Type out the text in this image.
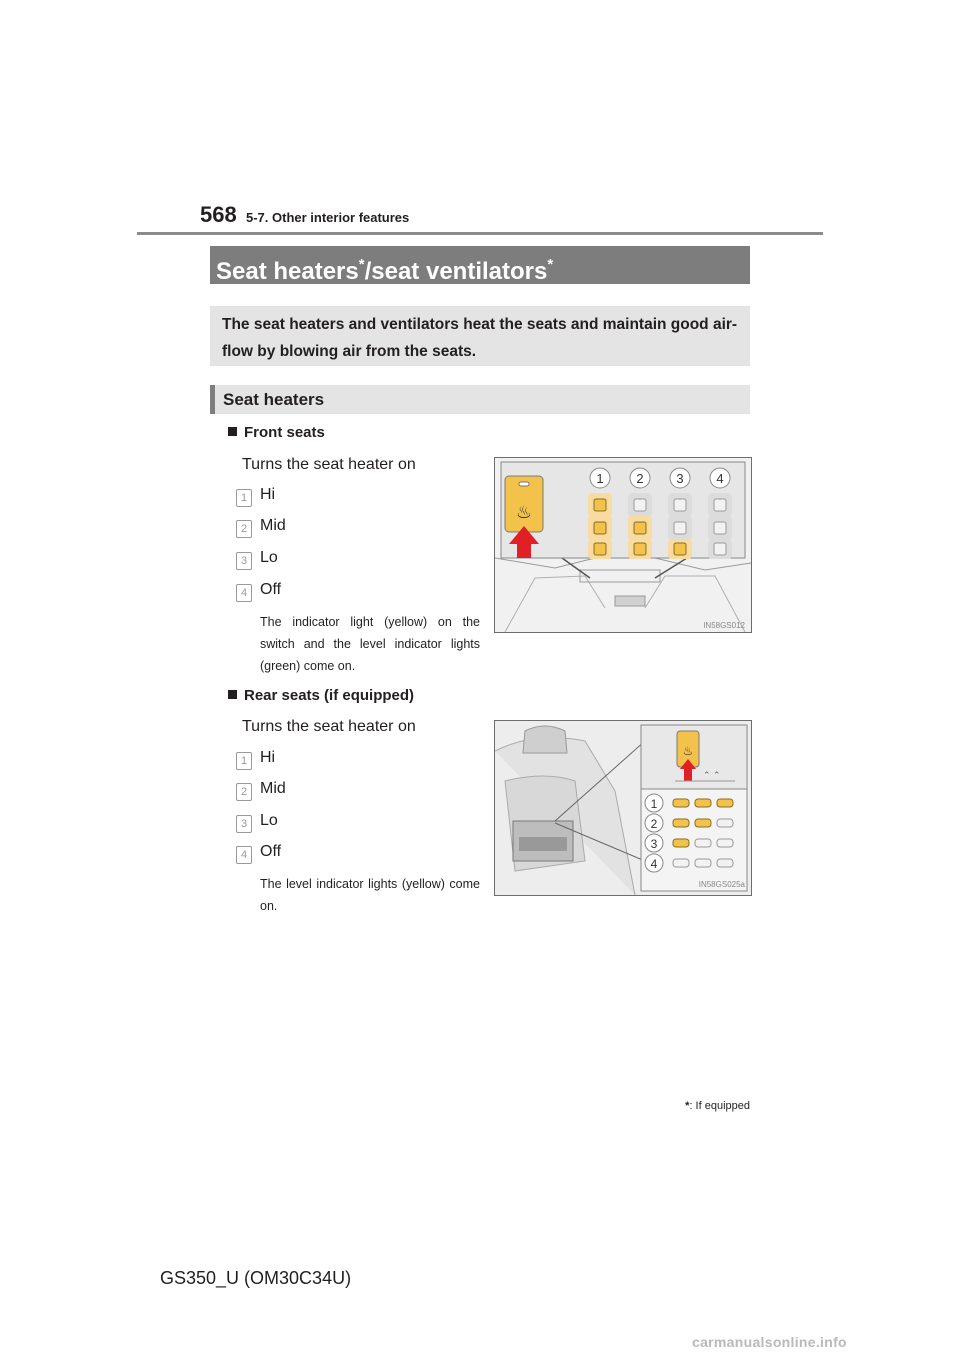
568 5-7. Other interior features
Seat heaters*/seat ventilators*
The seat heaters and ventilators heat the seats and maintain good air-
flow by blowing air from the seats.
Seat heaters
Front seats
Turns the seat heater on
1 Hi
2 Mid
3 Lo
4 Off
The indicator light (yellow) on the switch and the level indicator lights (green) come on.
♨
1	2	3	4
IN58GS012
Rear seats (if equipped)
Turns the seat heater on
1 Hi
2 Mid
3 Lo
4 Off
The level indicator lights (yellow) come on.
♨
⌃ ⌃
1
2
3
4
IN58GS025a
*: If equipped
GS350_U (OM30C34U)
carmanualsonline.info
